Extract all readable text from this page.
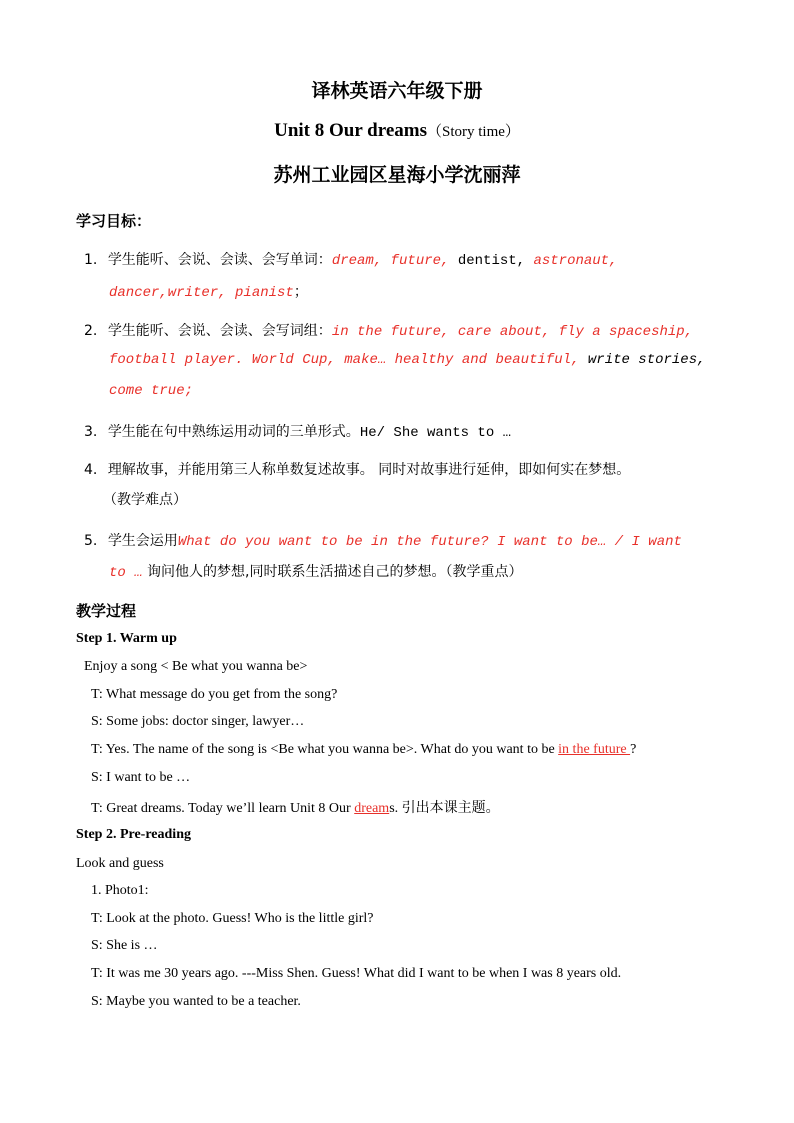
译林英语六年级下册
Unit 8 Our dreams（Story time）
苏州工业园区星海小学沈丽萍
学习目标：
1. 学生能听、会说、会读、会写单词：dream, future, dentist, astronaut,
dancer,writer, pianist；
2. 学生能听、会说、会读、会写词组：in the future, care about, fly a spaceship,
football player. World Cup, make… healthy and beautiful, write stories,
come true;
3. 学生能在句中熟练运用动词的三单形式。He/ She wants to …
4. 理解故事，并能用第三人称单数复述故事。 同时对故事进行延伸，即如何实在梦想。
（教学难点）
5. 学生会运用What do you want to be in the future? I want to be… / I want
to … 询问他人的梦想,同时联系生活描述自己的梦想。（教学重点）
教学过程
Step 1. Warm up
Enjoy a song < Be what you wanna be>
T: What message do you get from the song?
S: Some jobs: doctor singer, lawyer…
T: Yes. The name of the song is <Be what you wanna be>. What do you want to be in the future ?
S: I want to be …
T: Great dreams. Today we’ll learn Unit 8 Our dreams. 引出本课主题。
Step 2. Pre-reading
Look and guess
1. Photo1:
T: Look at the photo. Guess! Who is the little girl?
S: She is …
T: It was me 30 years ago. ---Miss Shen. Guess! What did I want to be when I was 8 years old.
S: Maybe you wanted to be a teacher.
